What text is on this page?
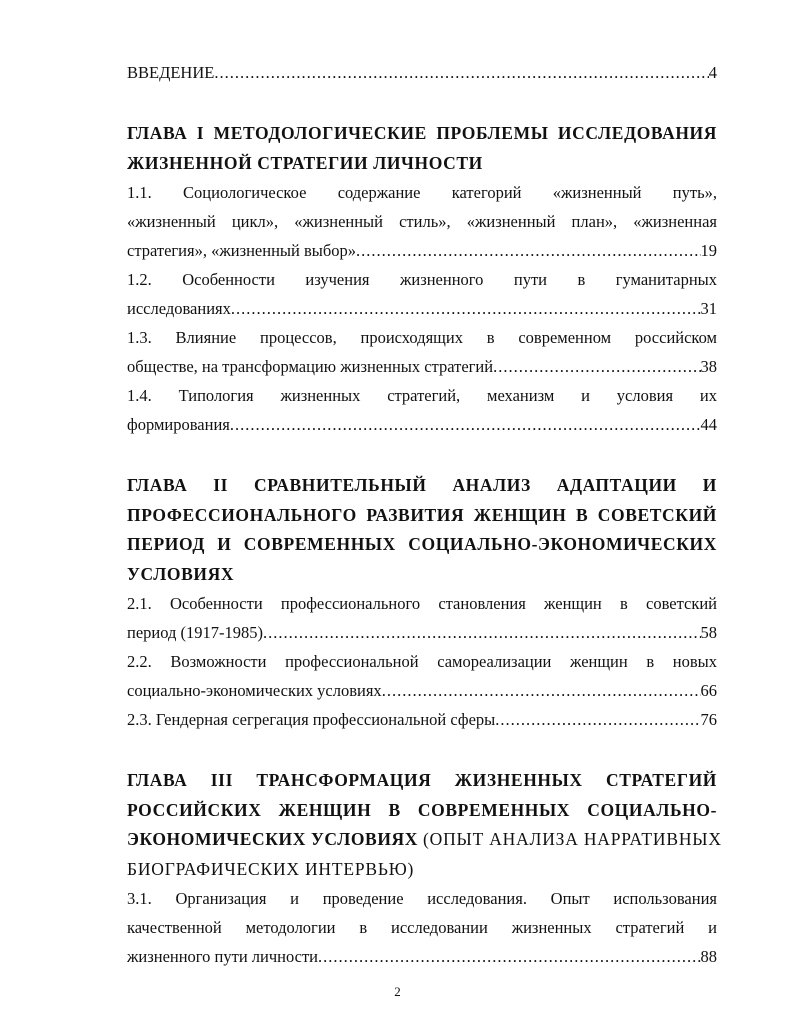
ВВЕДЕНИЕ .....	4
ГЛАВА I МЕТОДОЛОГИЧЕСКИЕ ПРОБЛЕМЫ ИССЛЕДОВАНИЯ
ЖИЗНЕННОЙ СТРАТЕГИИ ЛИЧНОСТИ
1.1. Социологическое содержание категорий «жизненный путь»,
«жизненный цикл», «жизненный стиль», «жизненный план», «жизненная
стратегия», «жизненный выбор» .....	19
1.2. Особенности изучения жизненного пути в гуманитарных
исследованиях .....	31
1.3. Влияние процессов, происходящих в современном российском
обществе, на трансформацию жизненных стратегий .....	38
1.4. Типология жизненных стратегий, механизм и условия их
формирования .....	44
ГЛАВА II СРАВНИТЕЛЬНЫЙ АНАЛИЗ АДАПТАЦИИ И
ПРОФЕССИОНАЛЬНОГО РАЗВИТИЯ ЖЕНЩИН В СОВЕТСКИЙ
ПЕРИОД И СОВРЕМЕННЫХ СОЦИАЛЬНО-ЭКОНОМИЧЕСКИХ
УСЛОВИЯХ
2.1. Особенности профессионального становления женщин в советский
период (1917-1985) .....	58
2.2. Возможности профессиональной самореализации женщин в новых
социально-экономических условиях .....	66
2.3. Гендерная сегрегация профессиональной сферы .....	76
ГЛАВА III ТРАНСФОРМАЦИЯ ЖИЗНЕННЫХ СТРАТЕГИЙ
РОССИЙСКИХ ЖЕНЩИН В СОВРЕМЕННЫХ СОЦИАЛЬНО-
ЭКОНОМИЧЕСКИХ УСЛОВИЯХ (ОПЫТ АНАЛИЗА НАРРАТИВНЫХ
БИОГРАФИЧЕСКИХ ИНТЕРВЬЮ)
3.1. Организация и проведение исследования. Опыт использования
качественной методологии в исследовании жизненных стратегий и
жизненного пути личности .....	88
2
